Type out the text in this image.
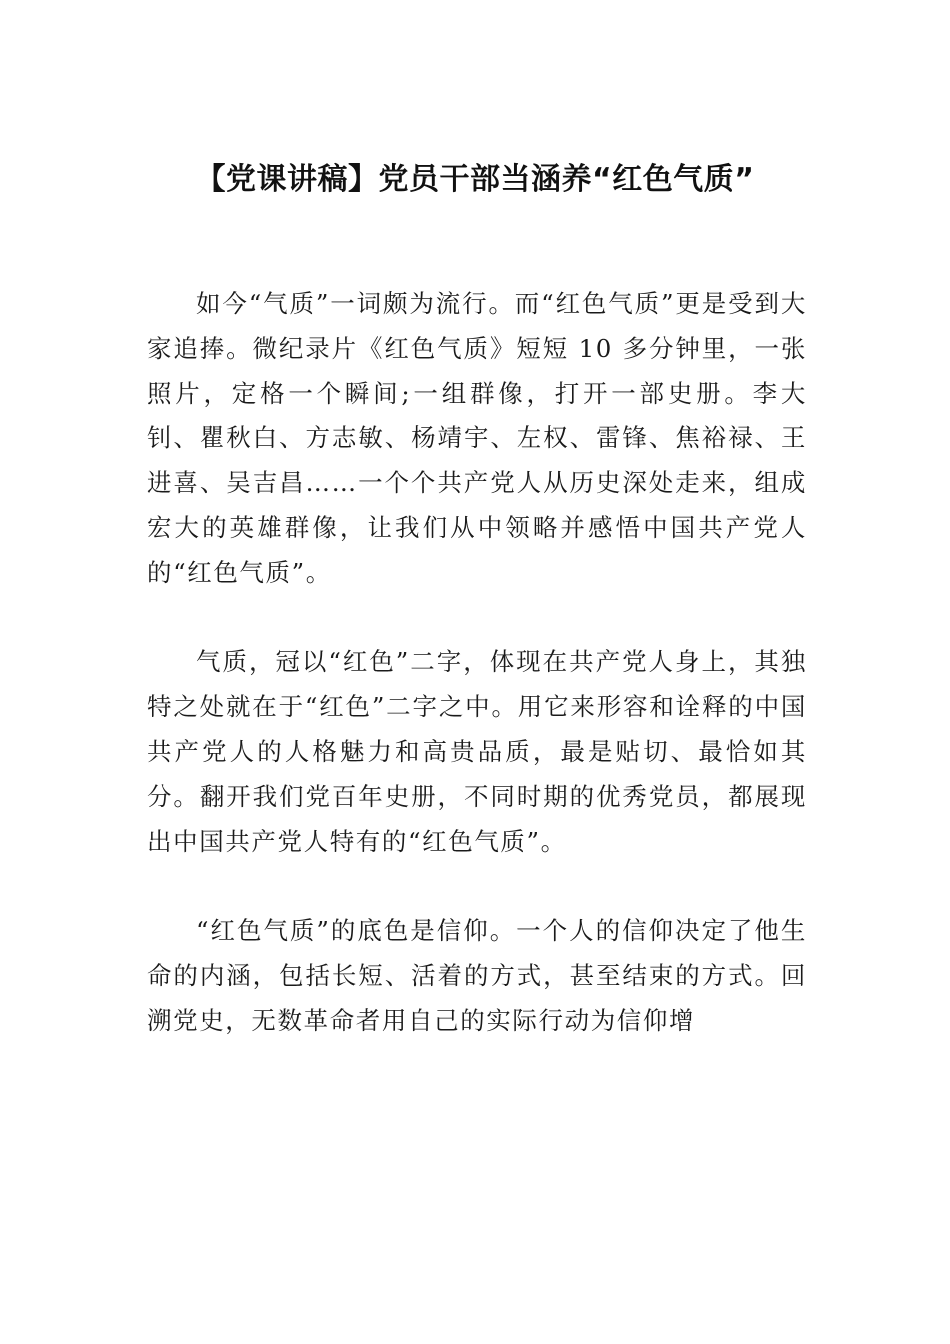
【党课讲稿】党员干部当涵养“红色气质”

如今“气质”一词颇为流行。而“红色气质”更是受到大家追捧。微纪录片《红色气质》短短 10 多分钟里，一张照片，定格一个瞬间;一组群像，打开一部史册。李大钊、瞿秋白、方志敏、杨靖宇、左权、雷锋、焦裕禄、王进喜、吴吉昌……一个个共产党人从历史深处走来，组成宏大的英雄群像，让我们从中领略并感悟中国共产党人的“红色气质”。

气质，冠以“红色”二字，体现在共产党人身上，其独特之处就在于“红色”二字之中。用它来形容和诠释的中国共产党人的人格魅力和高贵品质，最是贴切、最恰如其分。翻开我们党百年史册，不同时期的优秀党员，都展现出中国共产党人特有的“红色气质”。

“红色气质”的底色是信仰。一个人的信仰决定了他生命的内涵，包括长短、活着的方式，甚至结束的方式。回溯党史，无数革命者用自己的实际行动为信仰增
